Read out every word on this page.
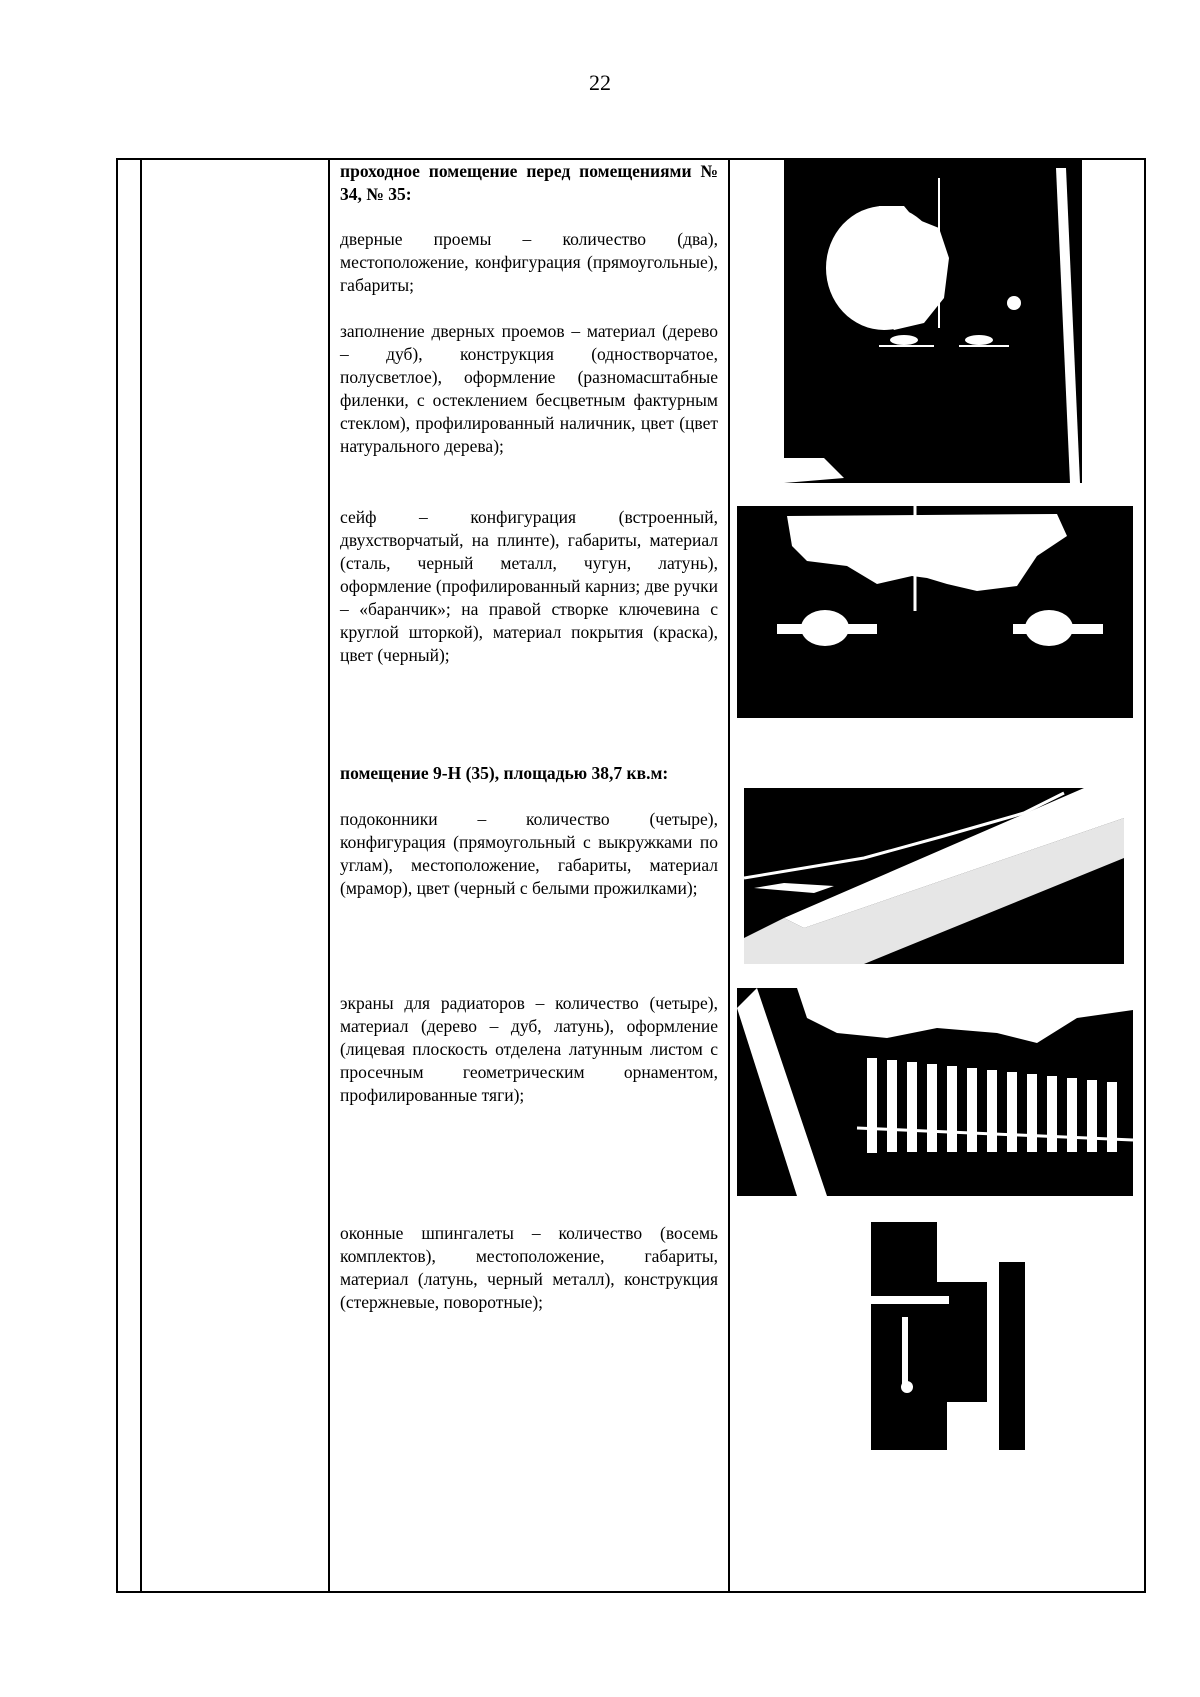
22
проходное помещение перед помещениями № 34, № 35:
дверные проемы – количество (два), местоположение, конфигурация (прямоугольные), габариты;
заполнение дверных проемов – материал (дерево – дуб), конструкция (одностворчатое, полусветлое), оформление (разномасштабные филенки, с остеклением бесцветным фактурным стеклом), профилированный наличник, цвет (цвет натурального дерева);
сейф – конфигурация (встроенный, двухстворчатый, на плинте), габариты, материал (сталь, черный металл, чугун, латунь), оформление (профилированный карниз; две ручки – «баранчик»; на правой створке ключевина с круглой шторкой), материал покрытия (краска), цвет (черный);
помещение 9-Н (35), площадью 38,7 кв.м:
подоконники – количество (четыре), конфигурация (прямоугольный с выкружками по углам), местоположение, габариты, материал (мрамор), цвет (черный с белыми прожилками);
экраны для радиаторов – количество (четыре), материал (дерево – дуб, латунь), оформление (лицевая плоскость отделена латунным листом с просечным геометрическим орнаментом, профилированные тяги);
оконные шпингалеты – количество (восемь комплектов), местоположение, габариты, материал (латунь, черный металл), конструкция (стержневые, поворотные);
